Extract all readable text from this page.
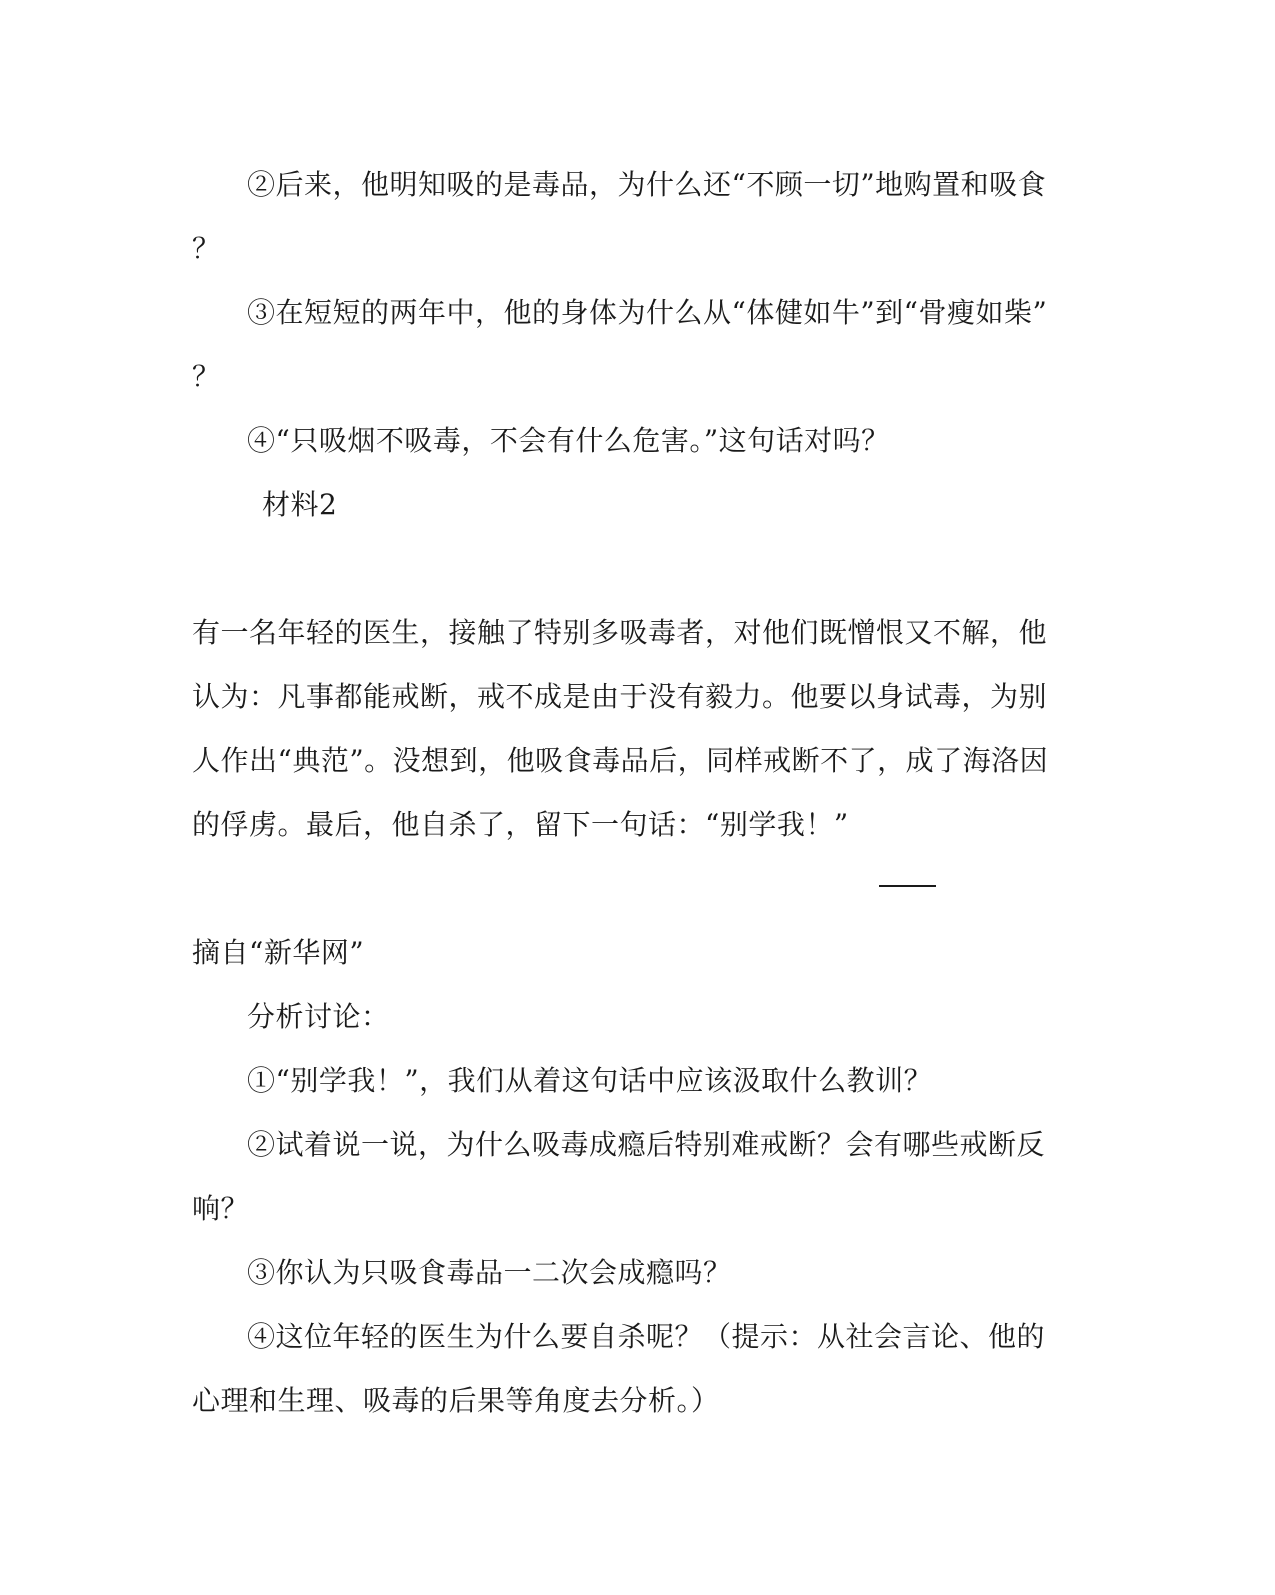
②后来，他明知吸的是毒品，为什么还“不顾一切”地购置和吸食
？
③在短短的两年中，他的身体为什么从“体健如牛”到“骨瘦如柴”
？
④“只吸烟不吸毒，不会有什么危害。”这句话对吗？
材料2
有一名年轻的医生，接触了特别多吸毒者，对他们既憎恨又不解，他
认为：凡事都能戒断，戒不成是由于没有毅力。他要以身试毒，为别
人作出“典范”。没想到，他吸食毒品后，同样戒断不了，成了海洛因
的俘虏。最后，他自杀了，留下一句话：“别学我！”
摘自“新华网”
分析讨论：
①“别学我！”，我们从着这句话中应该汲取什么教训？
②试着说一说，为什么吸毒成瘾后特别难戒断？会有哪些戒断反
响？
③你认为只吸食毒品一二次会成瘾吗？
④这位年轻的医生为什么要自杀呢？（提示：从社会言论、他的
心理和生理、吸毒的后果等角度去分析。）
